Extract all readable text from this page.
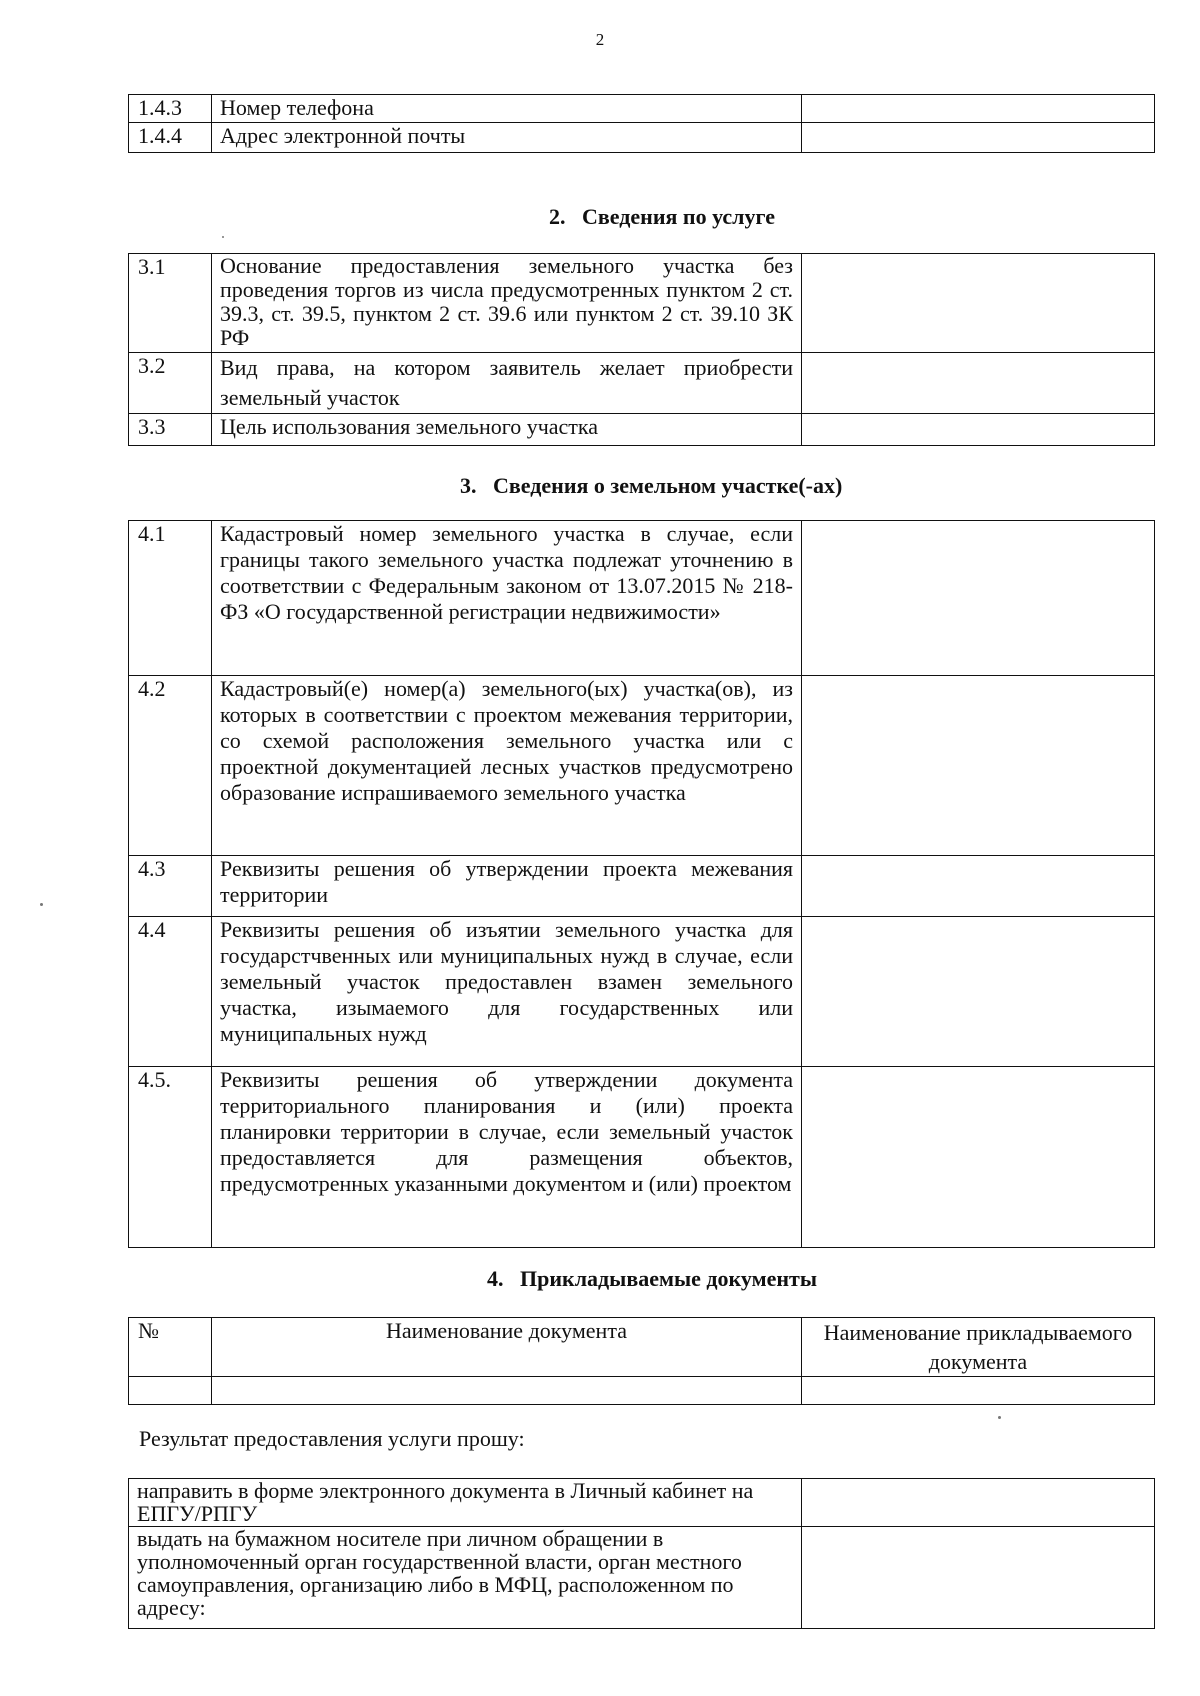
2
1.4.3	Номер телефона	
1.4.4	Адрес электронной почты	
2.   Сведения по услуге
3.1	Основание предоставления земельного участка без проведения торгов из числа предусмотренных пунктом 2 ст. 39.3, ст. 39.5, пунктом 2 ст. 39.6 или пунктом 2 ст. 39.10 ЗК РФ	
3.2	Вид права, на котором заявитель желает приобрести земельный участок	
3.3	Цель использования земельного участка	
3.   Сведения о земельном участке(-ах)
4.1	Кадастровый номер земельного участка в случае, если границы такого земельного участка подлежат уточнению в соответствии с Федеральным законом от 13.07.2015 № 218-ФЗ «О государственной регистрации недвижимости»	
4.2	Кадастровый(е) номер(а) земельного(ых) участка(ов), из которых в соответствии с проектом межевания территории, со схемой расположения земельного участка или с проектной документацией лесных участков предусмотрено образование испрашиваемого земельного участка	
4.3	Реквизиты решения об утверждении проекта межевания территории	
4.4	Реквизиты решения об изъятии земельного участка для государстчвенных или муниципальных нужд в случае, если земельный участок предоставлен взамен земельного участка, изымаемого для государственных или муниципальных нужд	
4.5.	Реквизиты решения об утверждении документа территориального планирования и (или) проекта планировки территории в случае, если земельный участок предоставляется для размещения объектов, предусмотренных указанными документом и (или) проектом	
4.   Прикладываемые документы
№	Наименование документа	Наименование прикладываемого документа

Результат предоставления услуги прошу:
направить в форме электронного документа в Личный кабинет на ЕПГУ/РПГУ	
выдать на бумажном носителе при личном обращении в уполномоченный орган государственной власти, орган местного самоуправления, организацию либо в МФЦ, расположенном по адресу:	
